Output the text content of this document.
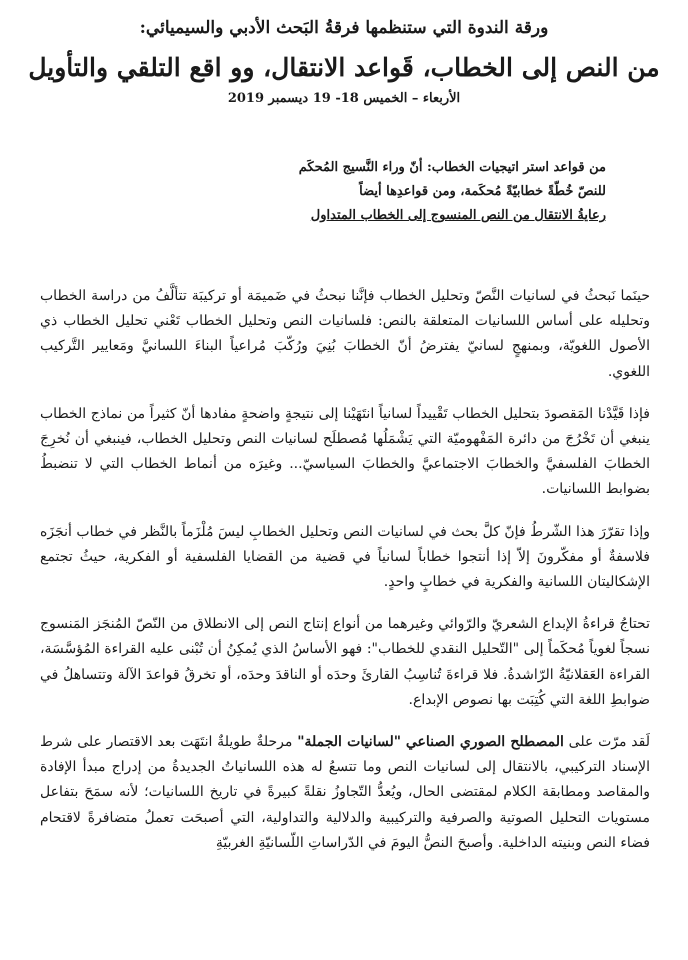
ورقة الندوة التي ستنظمها فرقةُ البَحث الأدبي والسيميائي:
من النص إلى الخطاب، قَواعد الانتقال، وو اقع التلقي والتأويل
الأربعاء – الخميس 18- 19 ديسمبر 2019
من قواعد استر اتيجيات الخطاب: أنّ وراء النَّسيج المُحكَم
للنصّ خُطّةً خطابيّةً مُحكَمة، ومن قواعدِها أيضاً
رعايةُ الانتقال من النص المنسوج إلى الخطاب المتداول

حينَما نَبحثُ في لسانيات النَّصّ وتحليل الخطاب فإنَّنا نبحثُ في ضَميمَة أو تركيبَة تتألَّفُ من دراسة الخطاب وتحليله على أساس اللسانيات المتعلقة بالنص: فلسانيات النص وتحليل الخطاب تَعْني تحليل الخطاب ذي الأصول اللغويّة، وبمنهجٍ لسانيّ يفترضُ أنّ الخطابَ بُنِيَ ورُكّبَ مُراعياً البناءَ اللسانيَّ ومَعايير التَّركيب اللغوي.

فإذا قَيَّدْنا المَقصودَ بتحليل الخطاب تَقْييداً لسانياً انتَهَيْنا إلى نتيجةٍ واضحةٍ مفادها أنّ كثيراً من نماذج الخطاب ينبغي أن تَخْرُجَ من دائرة المَفْهوميّة التي يَشْمَلُها مُصطلَح لسانيات النص وتحليل الخطاب، فينبغي أن نُخرِجَ الخطابَ الفلسفيَّ والخطابَ الاجتماعيَّ والخطابَ السياسيّ... وغيرَه من أنماط الخطاب التي لا تنضبطُ بضوابط اللسانيات.

وإذا تقرّرَ هذا الشّرطُ فإنّ كلَّ بحث في لسانيات النص وتحليل الخطابِ ليسَ مُلْزَماً بالنَّظر في خطاب أنجَزَه فلاسفةٌ أو مفكّرونَ إلاّ إذا أنتجوا خطاباً لسانياً في قضية من القضايا الفلسفية أو الفكرية، حيثُ تجتمع الإشكاليتان اللسانية والفكرية في خطابٍ واحدٍ.

تحتاجُ قراءةُ الإبداع الشعريّ والرّوائي وغيرهما من أنواع إنتاج النص إلى الانطلاق من النّصّ المُنجَز المَنسوج نسجاً لغوياً مُحكَماً إلى "التّحليل النقدي للخطاب": فهو الأساسُ الذي يُمكِنُ أن تُبْنى عليه القراءة المُؤسَّسَة، القراءة العَقلانيّةُ الرّاشدةُ. فلا قراءةَ تُناسِبُ القارئَ وحدَه أو الناقدَ وحدَه، أو تخرقُ قواعدَ الآلة وتتساهلُ في ضوابطِ اللغة التي كُتِبَت بها نصوص الإبداع.

لَقد مرّت على المصطلح الصوري الصناعي "لسانيات الجملة" مرحلةٌ طويلةٌ انتَهَت بعد الاقتصار على شرط الإسناد التركيبي، بالانتقال إلى لسانيات النص وما تتسعُ له هذه اللسانياتُ الجديدةُ من إدراج مبدأ الإفادة والمقاصد ومطابقة الكلام لمقتضى الحال، ويُعدُّ التّجاوزُ نقلةً كبيرةً في تاريخ اللسانيات؛ لأنه سمَحَ بتفاعل مستويات التحليل الصوتية والصرفية والتركيبية والدلالية والتداولية، التي أصبحَت تعملُ متضافرةً لاقتحام فضاء النص وبنيته الداخلية. وأصبحَ النصُّ اليومَ في الدّراساتِ اللّسانيّةِ الغربيّةِ
